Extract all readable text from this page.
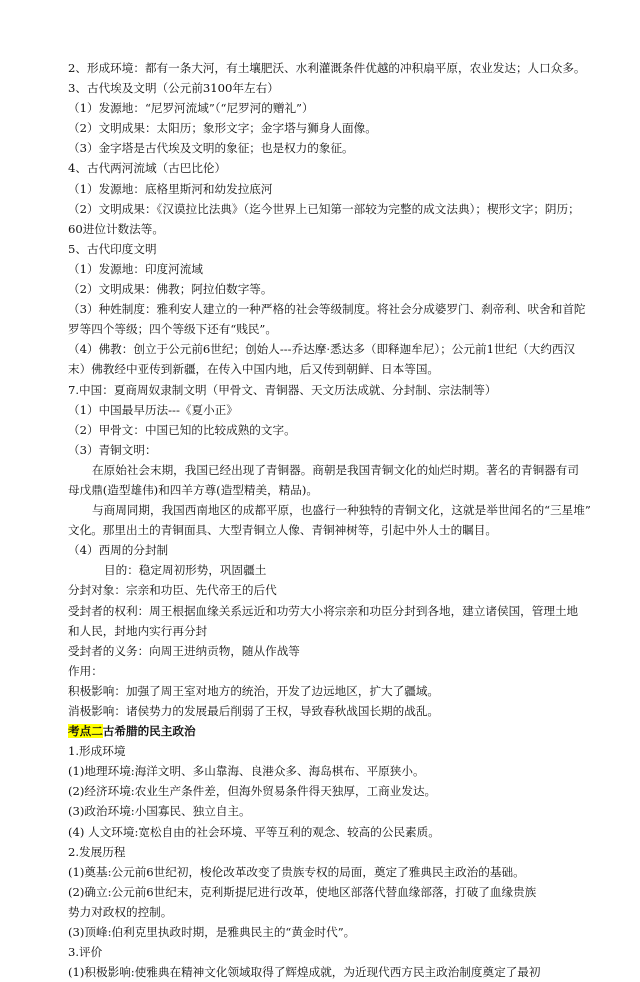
2、形成环境：都有一条大河，有土壤肥沃、水利灌溉条件优越的冲积扇平原，农业发达；人口众多。

3、古代埃及文明（公元前3100年左右）

（1）发源地：“尼罗河流域”（“尼罗河的赠礼”）

（2）文明成果：太阳历；象形文字；金字塔与狮身人面像。

（3）金字塔是古代埃及文明的象征；也是权力的象征。

4、古代两河流域（古巴比伦）

（1）发源地：底格里斯河和幼发拉底河

（2）文明成果：《汉谟拉比法典》（迄今世界上已知第一部较为完整的成文法典）；楔形文字；阴历；

60进位计数法等。

5、古代印度文明

（1）发源地：印度河流域

（2）文明成果：佛教；阿拉伯数字等。

（3）种姓制度：雅利安人建立的一种严格的社会等级制度。将社会分成婆罗门、刹帝利、吠舍和首陀

罗等四个等级；四个等级下还有“贱民”。

（4）佛教：创立于公元前6世纪；创始人---乔达摩·悉达多（即释迦牟尼）；公元前1世纪（大约西汉

末）佛教经中亚传到新疆，在传入中国内地，后又传到朝鲜、日本等国。

7.中国：夏商周奴隶制文明（甲骨文、青铜器、天文历法成就、分封制、宗法制等）

（1）中国最早历法---《夏小正》

（2）甲骨文：中国已知的比较成熟的文字。

（3）青铜文明：

在原始社会末期，我国已经出现了青铜器。商朝是我国青铜文化的灿烂时期。著名的青铜器有司

母戊鼎(造型雄伟)和四羊方尊(造型精美，精品)。

与商周同期，我国西南地区的成都平原，也盛行一种独特的青铜文化，这就是举世闻名的“三星堆”

文化。那里出土的青铜面具、大型青铜立人像、青铜神树等，引起中外人士的瞩目。

（4）西周的分封制

目的：稳定周初形势，巩固疆土

分封对象：宗亲和功臣、先代帝王的后代

受封者的权利：周王根据血缘关系远近和功劳大小将宗亲和功臣分封到各地，建立诸侯国，管理土地

和人民，封地内实行再分封

受封者的义务：向周王进纳贡物，随从作战等

作用：

积极影响：加强了周王室对地方的统治，开发了边远地区，扩大了疆域。

消极影响：诸侯势力的发展最后削弱了王权，导致春秋战国长期的战乱。

考点二古希腊的民主政治

1.形成环境

(1)地理环境:海洋文明、多山靠海、良港众多、海岛棋布、平原狭小。

(2)经济环境:农业生产条件差，但海外贸易条件得天独厚，工商业发达。

(3)政治环境:小国寡民、独立自主。

(4) 人文环境:宽松自由的社会环境、平等互利的观念、较高的公民素质。

2.发展历程

(1)奠基:公元前6世纪初，梭伦改革改变了贵族专权的局面，奠定了雅典民主政治的基础。

(2)确立:公元前6世纪末，克利斯提尼进行改革，使地区部落代替血缘部落，打破了血缘贵族

势力对政权的控制。

(3)顶峰:伯利克里执政时期，是雅典民主的“黄金时代”。

3.评价

(1)积极影响:使雅典在精神文化领域取得了辉煌成就，为近现代西方民主政治制度奠定了最初
